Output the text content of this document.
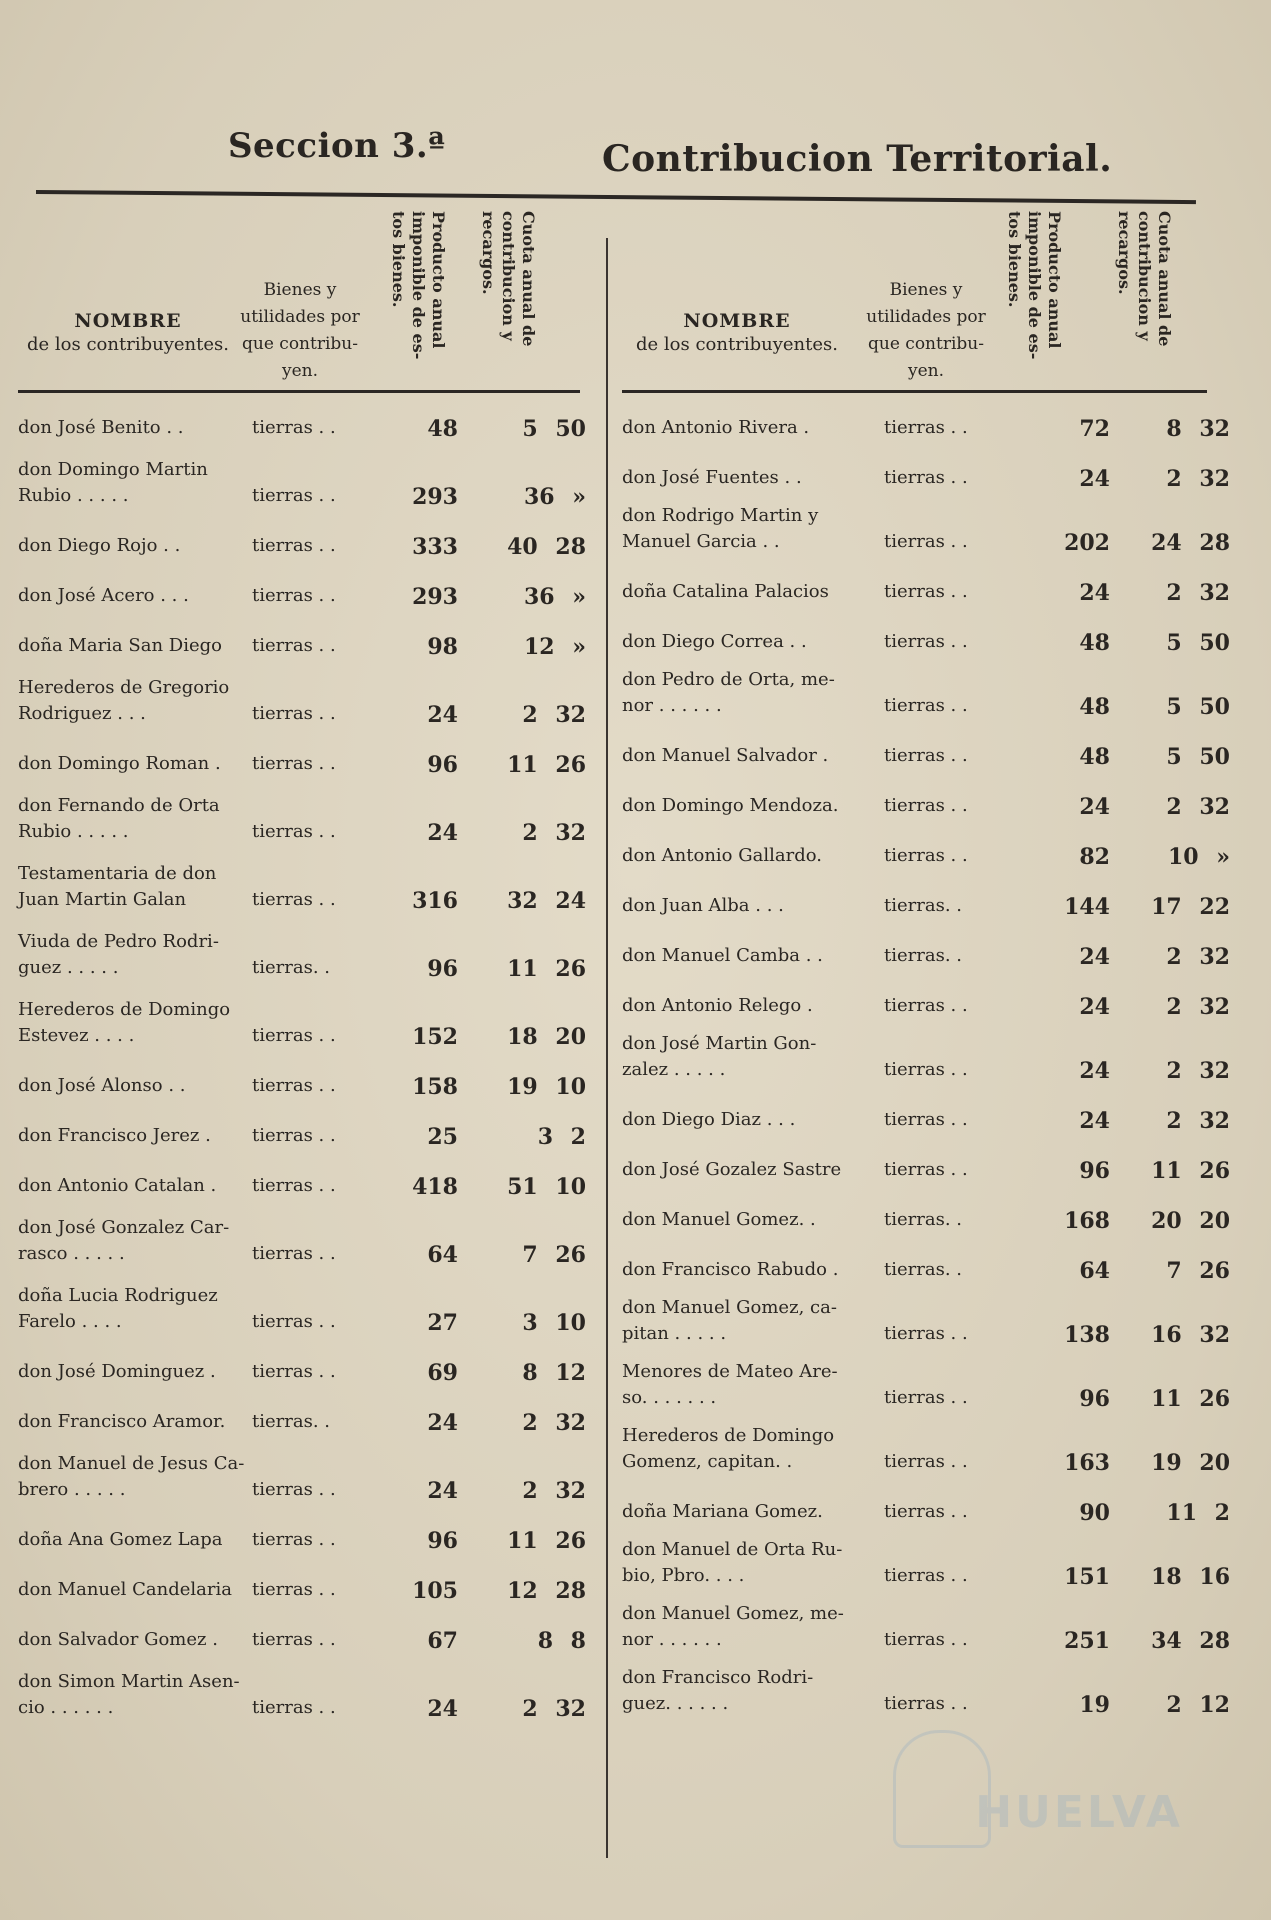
Seccion 3.ª	Contribucion Territorial.
NOMBRE
de los contribuyentes.
Bienes y utilidades por que contribu-yen.
Producto anual imponible de es-tos bienes.	Cuota anual de contribucion y recargos.
don José Benito . .	tierras . .	48	5 50
don Domingo Martin
Rubio . . . . .	tierras . .	293	36 »
don Diego Rojo . .	tierras . .	333	40 28
don José Acero . . .	tierras . .	293	36 »
doña Maria San Diego tierras . .	98	12 »
Herederos de Gregorio
Rodriguez . . .	tierras . .	24	2 32
don Domingo Roman . tierras . .	96	11 26
don Fernando de Orta
Rubio . . . . .	tierras . .	24	2 32
Testamentaria de don
Juan Martin Galan	tierras . .	316	32 24
Viuda de Pedro Rodri-
guez . . . . .	tierras. .	96	11 26
Herederos de Domingo
Estevez . . . .	tierras . .	152	18 20
don José Alonso . .	tierras . .	158	19 10
don Francisco Jerez . tierras . .	25	3 2
don Antonio Catalan . tierras . .	418	51 10
don José Gonzalez Car-
rasco . . . . .	tierras . .	64	7 26
doña Lucia Rodriguez
Farelo . . . .	tierras . .	27	3 10
don José Dominguez . tierras . .	69	8 12
don Francisco Aramor. tierras. .	24	2 32
don Manuel de Jesus Ca-
brero . . . . .	tierras . .	24	2 32
doña Ana Gomez Lapa tierras . .	96	11 26
don Manuel Candelaria tierras . .	105	12 28
don Salvador Gomez . tierras . .	67	8 8
don Simon Martin Asen-
cio . . . . . .	tierras . .	24	2 32
NOMBRE
de los contribuyentes.
Bienes y utilidades por que contribu-yen.
Producto anual imponible de es-tos bienes.	Cuota anual de contribucion y recargos.
don Antonio Rivera .	tierras . .	72	8 32
don José Fuentes . .	tierras . .	24	2 32
don Rodrigo Martin y
Manuel Garcia . .	tierras . .	202	24 28
doña Catalina Palacios	tierras . .	24	2 32
don Diego Correa . .	tierras . .	48	5 50
don Pedro de Orta, me-
nor . . . . . .	tierras . .	48	5 50
don Manuel Salvador .	tierras . .	48	5 50
don Domingo Mendoza.	tierras . .	24	2 32
don Antonio Gallardo.	tierras . .	82	10 »
don Juan Alba . . .	tierras. .	144	17 22
don Manuel Camba . .	tierras. .	24	2 32
don Antonio Relego .	tierras . .	24	2 32
don José Martin Gon-
zalez . . . . .	tierras . .	24	2 32
don Diego Diaz . . .	tierras . .	24	2 32
don José Gozalez Sastre tierras . .	96	11 26
don Manuel Gomez. .	tierras. .	168	20 20
don Francisco Rabudo .	tierras. .	64	7 26
don Manuel Gomez, ca-
pitan . . . . .	tierras . .	138	16 32
Menores de Mateo Are-
so. . . . . . .	tierras . .	96	11 26
Herederos de Domingo
Gomenz, capitan. .	tierras . .	163	19 20
doña Mariana Gomez.	tierras . .	90	11 2
don Manuel de Orta Ru-
bio, Pbro. . . .	tierras . .	151	18 16
don Manuel Gomez, me-
nor . . . . . .	tierras . .	251	34 28
don Francisco Rodri-
guez. . . . . .	tierras . .	19	2 12
HUELVA
